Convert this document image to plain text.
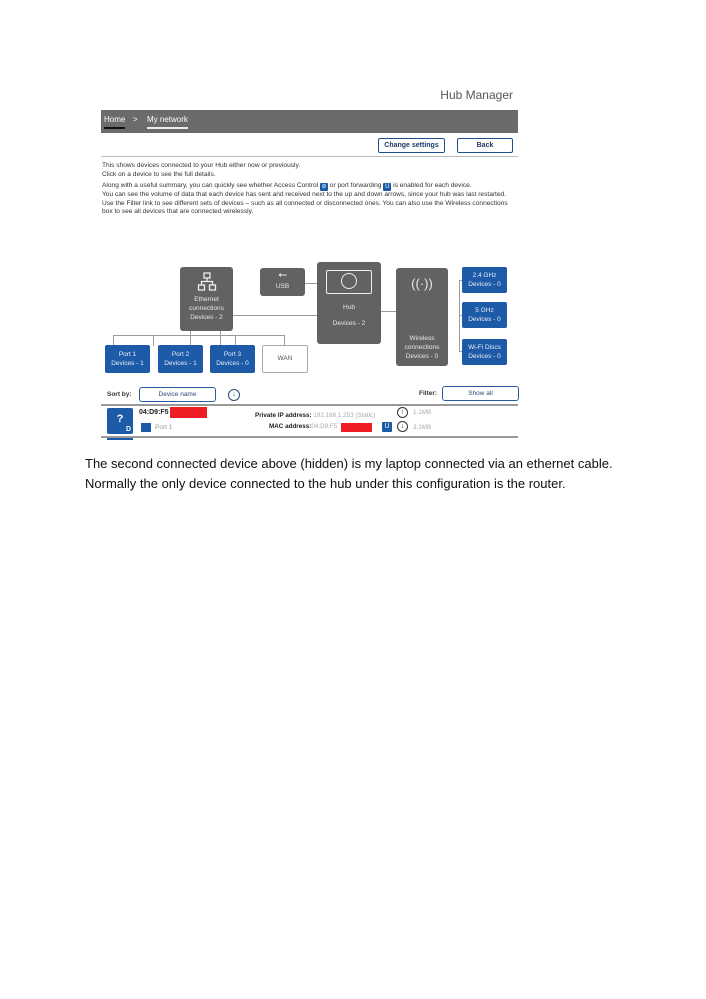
Hub Manager
Home > My network
Change settings	Back

This shows devices connected to your Hub either now or previously.

Click on a device to see the full details.

Along with a useful summary, you can quickly see whether Access Control ⊘ or port forwarding U is enabled for each device.

You can see the volume of data that each device has sent and received next to the up and down arrows, since your hub was last restarted.

Use the Filter link to see different sets of devices – such as all connected or disconnected ones. You can also use the Wireless connections box to see all devices that are connected wirelessly.

Ethernet
connections
Devices - 2
⭠
USB
Hub
Devices - 2
((·))
Wireless
connections
Devices - 0
2.4 GHz
Devices - 0
5 GHz
Devices - 0
Wi-Fi Discs
Devices - 0
Port 1
Devices - 1
Port 2
Devices - 1
Port 3
Devices - 0
WAN
Sort by:	Device name	↓	Filter:	Show all
?
D
04:D9:F5
Port 1
Private IP address: 192.168.1.253 (Static)
MAC address:04:D9:F5	U
↑	1.1MB
↓	3.1MB

The second connected device above (hidden) is my laptop connected via an ethernet cable. Normally the only device connected to the hub under this configuration is the router.
